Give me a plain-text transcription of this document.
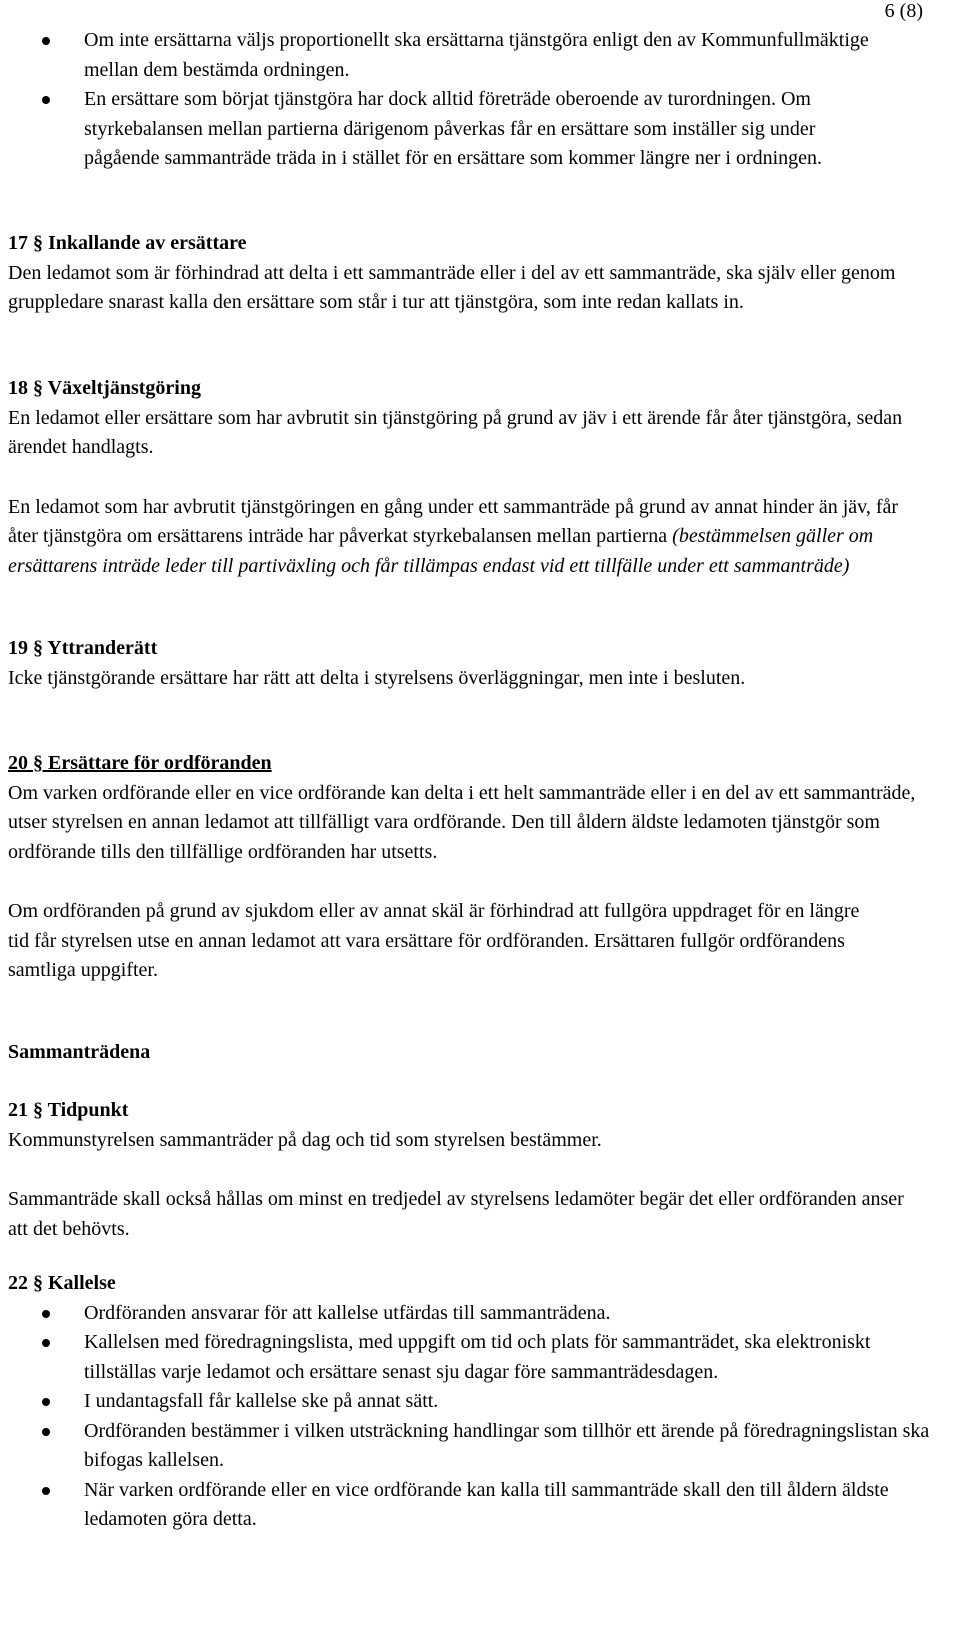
6 (8)
Om inte ersättarna väljs proportionellt ska ersättarna tjänstgöra enligt den av Kommunfullmäktige mellan dem bestämda ordningen.
En ersättare som börjat tjänstgöra har dock alltid företräde oberoende av turordningen. Om styrkebalansen mellan partierna därigenom påverkas får en ersättare som inställer sig under pågående sammanträde träda in i stället för en ersättare som kommer längre ner i ordningen.

17 § Inkallande av ersättare

Den ledamot som är förhindrad att delta i ett sammanträde eller i del av ett sammanträde, ska själv eller genom gruppledare snarast kalla den ersättare som står i tur att tjänstgöra, som inte redan kallats in.

18 § Växeltjänstgöring

En ledamot eller ersättare som har avbrutit sin tjänstgöring på grund av jäv i ett ärende får åter tjänstgöra, sedan ärendet handlagts.

En ledamot som har avbrutit tjänstgöringen en gång under ett sammanträde på grund av annat hinder än jäv, får åter tjänstgöra om ersättarens inträde har påverkat styrkebalansen mellan partierna (bestämmelsen gäller om ersättarens inträde leder till partiväxling och får tillämpas endast vid ett tillfälle under ett sammanträde)

19 § Yttranderätt

Icke tjänstgörande ersättare har rätt att delta i styrelsens överläggningar, men inte i besluten.

20 § Ersättare för ordföranden

Om varken ordförande eller en vice ordförande kan delta i ett helt sammanträde eller i en del av ett sammanträde, utser styrelsen en annan ledamot att tillfälligt vara ordförande. Den till åldern äldste ledamoten tjänstgör som ordförande tills den tillfällige ordföranden har utsetts.

Om ordföranden på grund av sjukdom eller av annat skäl är förhindrad att fullgöra uppdraget för en längre tid får styrelsen utse en annan ledamot att vara ersättare för ordföranden. Ersättaren fullgör ordförandens samtliga uppgifter.

Sammanträdena

21 § Tidpunkt

Kommunstyrelsen sammanträder på dag och tid som styrelsen bestämmer.

Sammanträde skall också hållas om minst en tredjedel av styrelsens ledamöter begär det eller ordföranden anser att det behövts.

22 § Kallelse

Ordföranden ansvarar för att kallelse utfärdas till sammanträdena.
Kallelsen med föredragningslista, med uppgift om tid och plats för sammanträdet, ska elektroniskt tillställas varje ledamot och ersättare senast sju dagar före sammanträdesdagen.
I undantagsfall får kallelse ske på annat sätt.
Ordföranden bestämmer i vilken utsträckning handlingar som tillhör ett ärende på föredragningslistan ska bifogas kallelsen.
När varken ordförande eller en vice ordförande kan kalla till sammanträde skall den till åldern äldste ledamoten göra detta.
